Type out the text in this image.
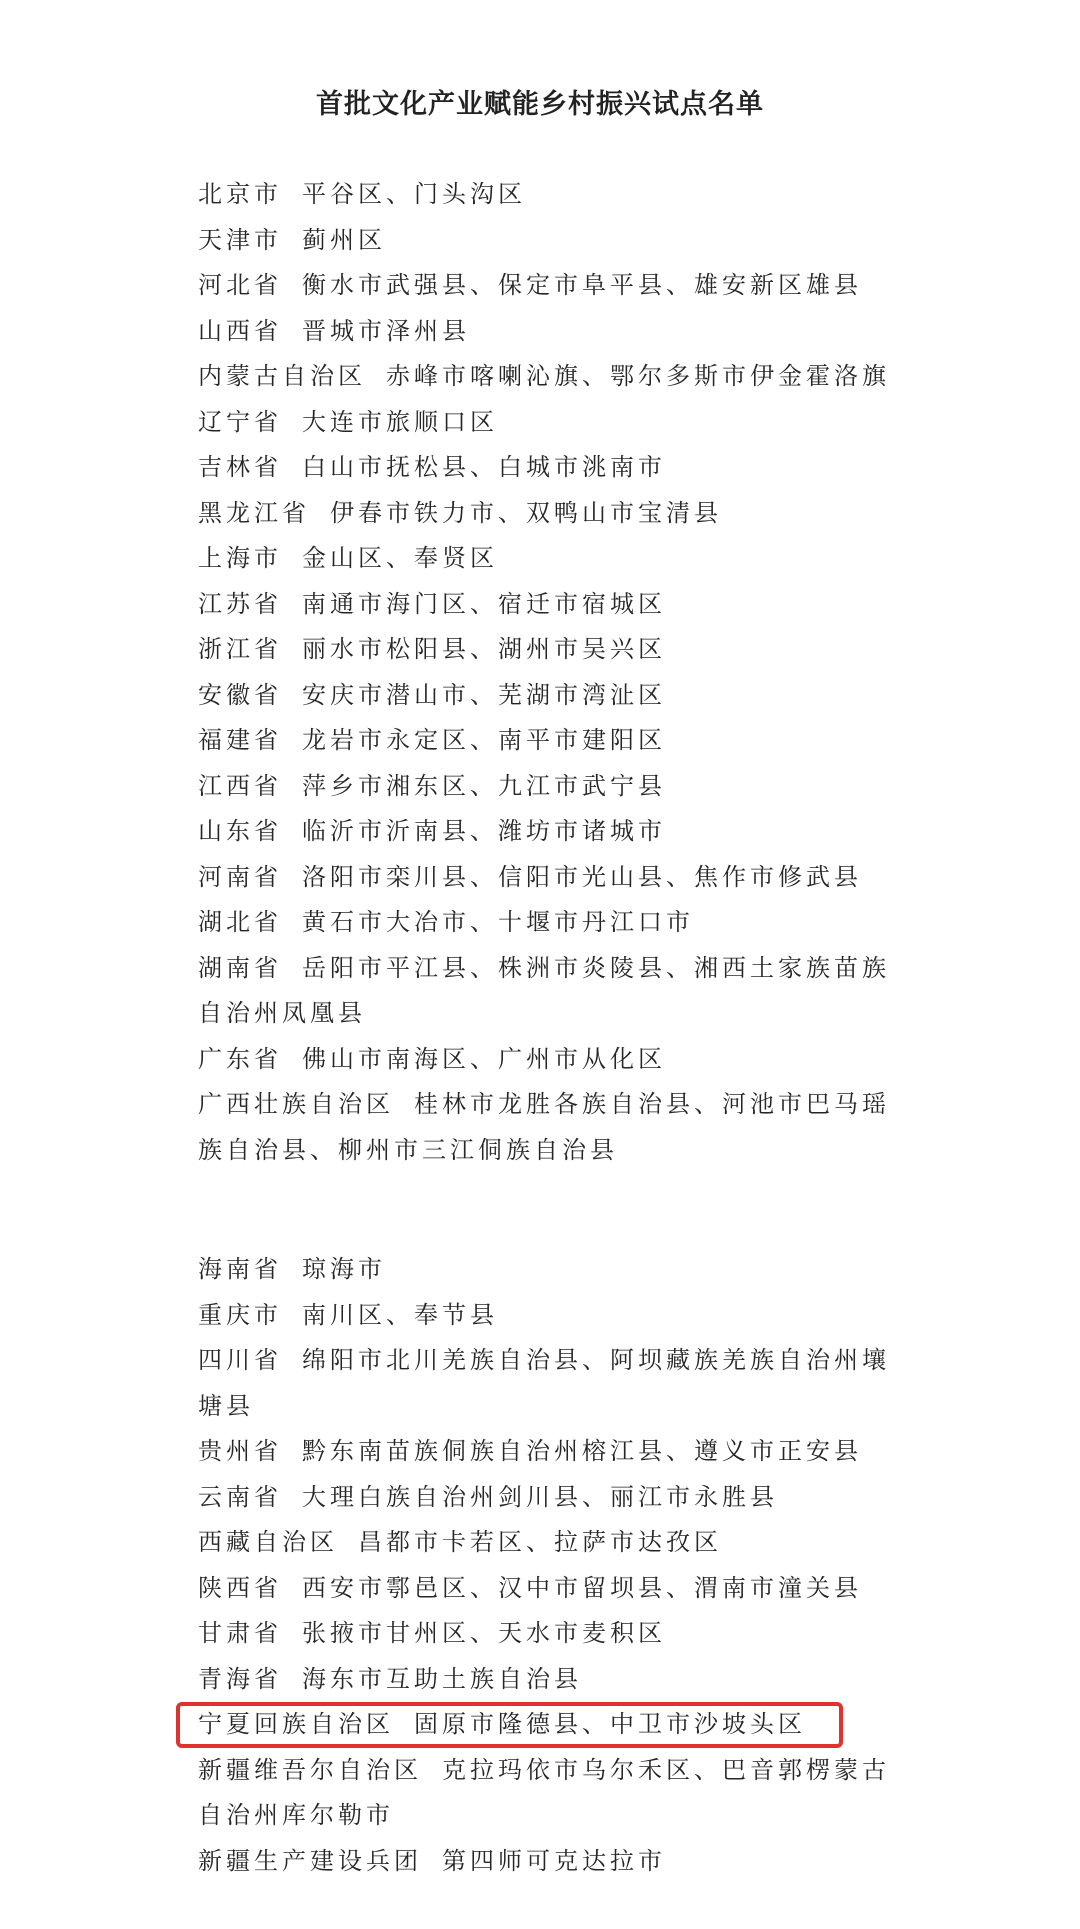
首批文化产业赋能乡村振兴试点名单
北京市 平谷区、门头沟区
天津市 蓟州区
河北省 衡水市武强县、保定市阜平县、雄安新区雄县
山西省 晋城市泽州县
内蒙古自治区 赤峰市喀喇沁旗、鄂尔多斯市伊金霍洛旗
辽宁省 大连市旅顺口区
吉林省 白山市抚松县、白城市洮南市
黑龙江省 伊春市铁力市、双鸭山市宝清县
上海市 金山区、奉贤区
江苏省 南通市海门区、宿迁市宿城区
浙江省 丽水市松阳县、湖州市吴兴区
安徽省 安庆市潜山市、芜湖市湾沚区
福建省 龙岩市永定区、南平市建阳区
江西省 萍乡市湘东区、九江市武宁县
山东省 临沂市沂南县、潍坊市诸城市
河南省 洛阳市栾川县、信阳市光山县、焦作市修武县
湖北省 黄石市大冶市、十堰市丹江口市
湖南省 岳阳市平江县、株洲市炎陵县、湘西土家族苗族自治州凤凰县
广东省 佛山市南海区、广州市从化区
广西壮族自治区 桂林市龙胜各族自治县、河池市巴马瑶族自治县、柳州市三江侗族自治县
海南省 琼海市
重庆市 南川区、奉节县
四川省 绵阳市北川羌族自治县、阿坝藏族羌族自治州壤塘县
贵州省 黔东南苗族侗族自治州榕江县、遵义市正安县
云南省 大理白族自治州剑川县、丽江市永胜县
西藏自治区 昌都市卡若区、拉萨市达孜区
陕西省 西安市鄠邑区、汉中市留坝县、渭南市潼关县
甘肃省 张掖市甘州区、天水市麦积区
青海省 海东市互助土族自治县
宁夏回族自治区 固原市隆德县、中卫市沙坡头区
新疆维吾尔自治区 克拉玛依市乌尔禾区、巴音郭楞蒙古自治州库尔勒市
新疆生产建设兵团 第四师可克达拉市
